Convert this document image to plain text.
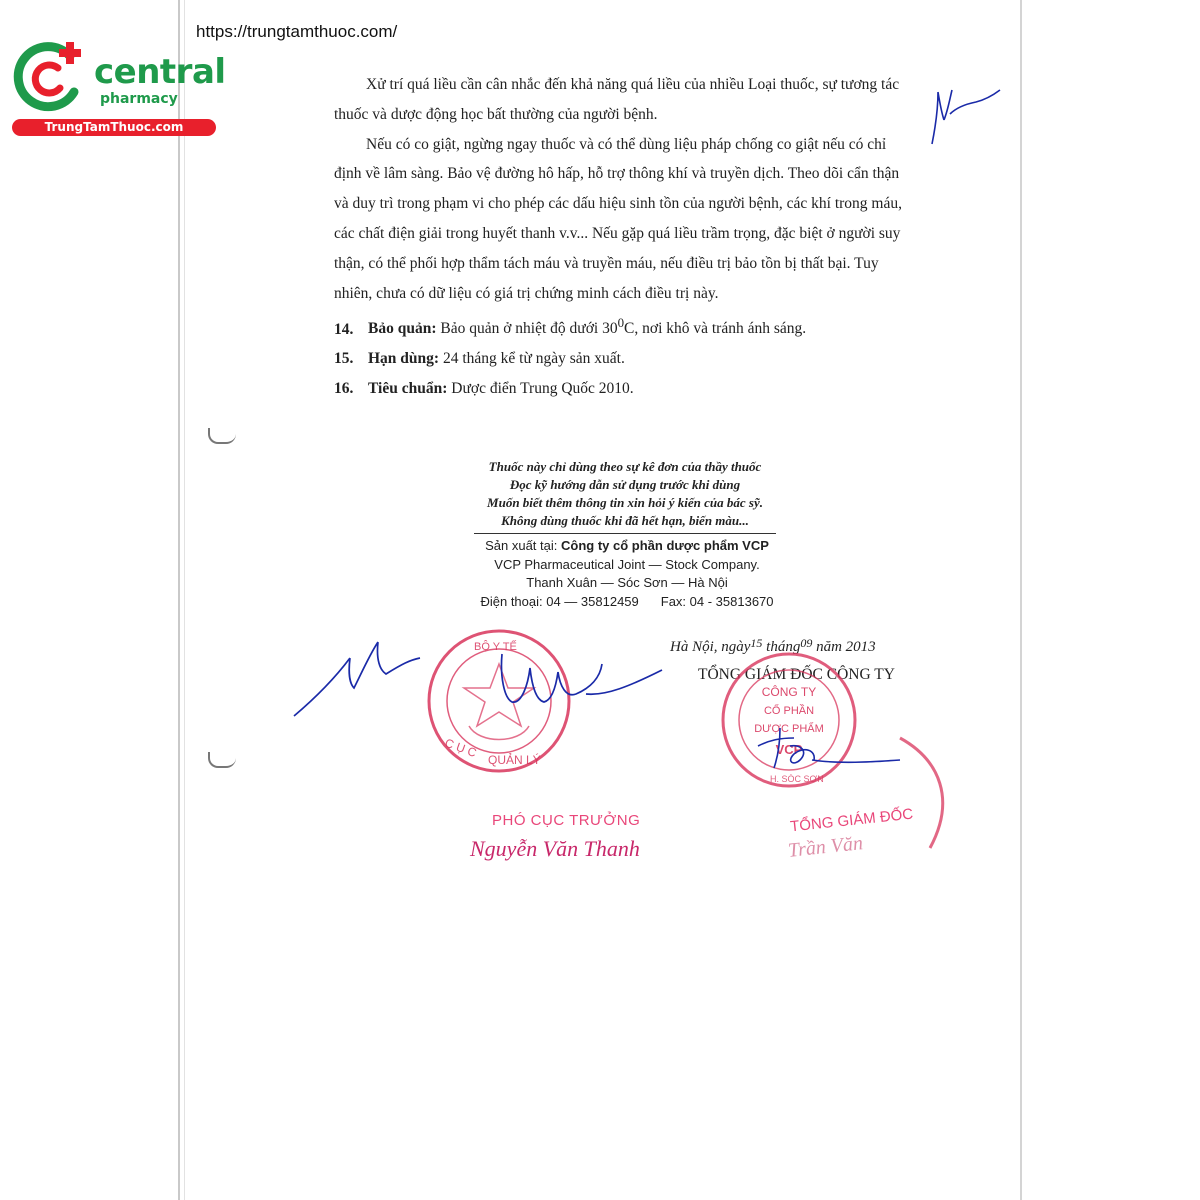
central
pharmacy
TrungTamThuoc.com
https://trungtamthuoc.com/

Xử trí quá liều cần cân nhắc đến khả năng quá liều của nhiều Loại thuốc, sự tương tác thuốc và dược động học bất thường của người bệnh.

Nếu có co giật, ngừng ngay thuốc và có thể dùng liệu pháp chống co giật nếu có chỉ định về lâm sàng. Bảo vệ đường hô hấp, hỗ trợ thông khí và truyền dịch. Theo dõi cẩn thận và duy trì trong phạm vi cho phép các dấu hiệu sinh tồn của người bệnh, các khí trong máu, các chất điện giải trong huyết thanh v.v... Nếu gặp quá liều trầm trọng, đặc biệt ở người suy thận, có thể phối hợp thẩm tách máu và truyền máu, nếu điều trị bảo tồn bị thất bại. Tuy nhiên, chưa có dữ liệu có giá trị chứng minh cách điều trị này.

14. Bảo quản: Bảo quản ở nhiệt độ dưới $30^0C$, nơi khô và tránh ánh sáng.

15. Hạn dùng: 24 tháng kể từ ngày sản xuất.

16. Tiêu chuẩn: Dược điển Trung Quốc 2010.

Thuốc này chỉ dùng theo sự kê đơn của thầy thuốc
Đọc kỹ hướng dẫn sử dụng trước khi dùng
Muốn biết thêm thông tin xin hỏi ý kiến của bác sỹ.
Không dùng thuốc khi đã hết hạn, biến màu...
Sản xuất tại: Công ty cổ phần dược phẩm VCP
VCP Pharmaceutical Joint — Stock Company.
Thanh Xuân — Sóc Sơn — Hà Nội
Điện thoại: 04 — 35812459 Fax: 04 - 35813670
Hà Nội, ngày$^{15}$ tháng$^{09}$ năm 2013
TỔNG GIÁM ĐỐC CÔNG TY
C Ụ C
QUẢN LÝ
BỘ Y TẾ
CÔNG TY
CỔ PHẦN
DƯỢC PHẨM
VCP
H. SÓC SƠN
PHÓ CỤC TRƯỞNG
Nguyễn Văn Thanh
TỔNG GIÁM ĐỐC
Trần Văn
